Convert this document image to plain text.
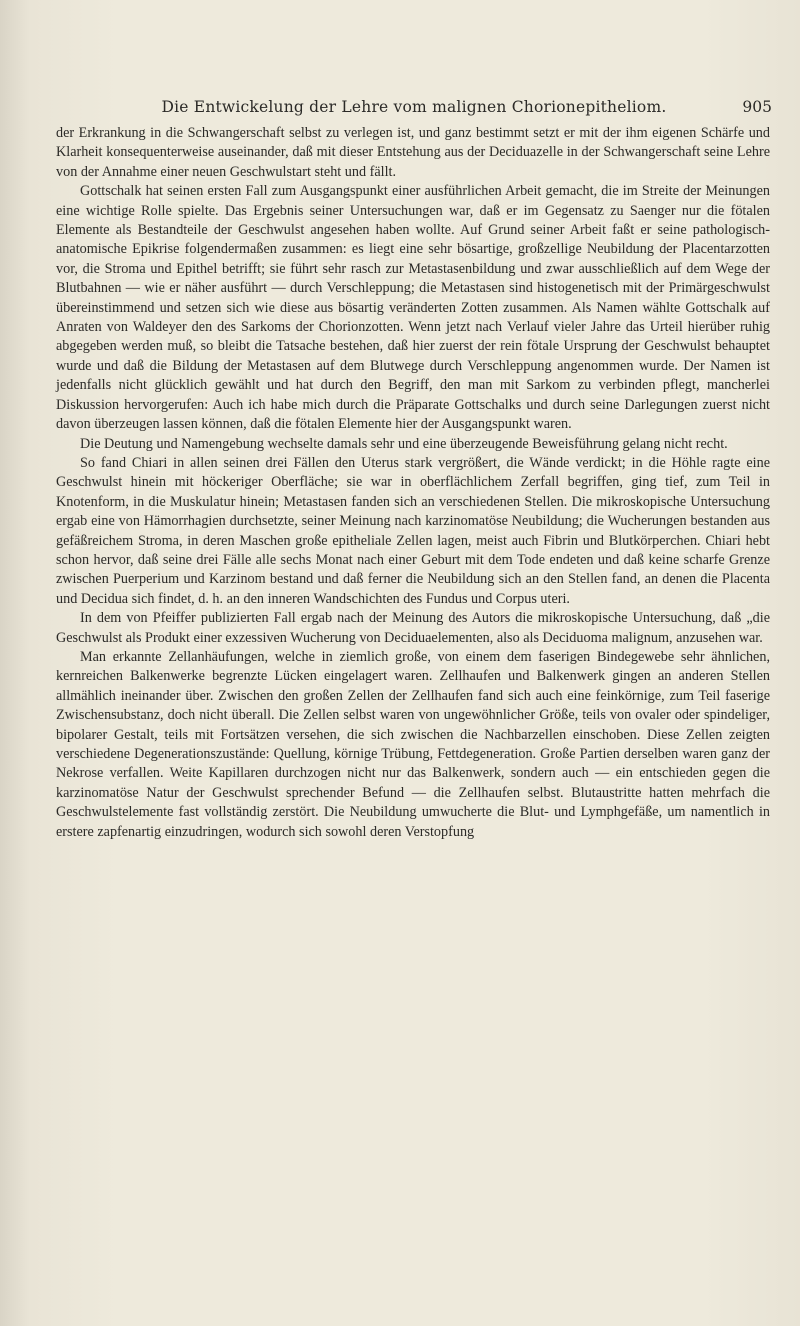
Die Entwickelung der Lehre vom malignen Chorionepitheliom.	905

der Erkrankung in die Schwangerschaft selbst zu verlegen ist, und ganz bestimmt setzt er mit der ihm eigenen Schärfe und Klarheit konsequenterweise auseinander, daß mit dieser Entstehung aus der Deciduazelle in der Schwangerschaft seine Lehre von der Annahme einer neuen Geschwulstart steht und fällt.

Gottschalk hat seinen ersten Fall zum Ausgangspunkt einer ausführlichen Arbeit gemacht, die im Streite der Meinungen eine wichtige Rolle spielte. Das Ergebnis seiner Untersuchungen war, daß er im Gegensatz zu Saenger nur die fötalen Elemente als Bestandteile der Geschwulst angesehen haben wollte. Auf Grund seiner Arbeit faßt er seine pathologisch-anatomische Epikrise folgendermaßen zusammen: es liegt eine sehr bösartige, großzellige Neubildung der Placentarzotten vor, die Stroma und Epithel betrifft; sie führt sehr rasch zur Metastasenbildung und zwar ausschließlich auf dem Wege der Blutbahnen — wie er näher ausführt — durch Verschleppung; die Metastasen sind histogenetisch mit der Primärgeschwulst übereinstimmend und setzen sich wie diese aus bösartig veränderten Zotten zusammen. Als Namen wählte Gottschalk auf Anraten von Waldeyer den des Sarkoms der Chorionzotten. Wenn jetzt nach Verlauf vieler Jahre das Urteil hierüber ruhig abgegeben werden muß, so bleibt die Tatsache bestehen, daß hier zuerst der rein fötale Ursprung der Geschwulst behauptet wurde und daß die Bildung der Metastasen auf dem Blutwege durch Verschleppung angenommen wurde. Der Namen ist jedenfalls nicht glücklich gewählt und hat durch den Begriff, den man mit Sarkom zu verbinden pflegt, mancherlei Diskussion hervorgerufen: Auch ich habe mich durch die Präparate Gottschalks und durch seine Darlegungen zuerst nicht davon überzeugen lassen können, daß die fötalen Elemente hier der Ausgangspunkt waren.

Die Deutung und Namengebung wechselte damals sehr und eine überzeugende Beweisführung gelang nicht recht.

So fand Chiari in allen seinen drei Fällen den Uterus stark vergrößert, die Wände verdickt; in die Höhle ragte eine Geschwulst hinein mit höckeriger Oberfläche; sie war in oberflächlichem Zerfall begriffen, ging tief, zum Teil in Knotenform, in die Muskulatur hinein; Metastasen fanden sich an verschiedenen Stellen. Die mikroskopische Untersuchung ergab eine von Hämorrhagien durchsetzte, seiner Meinung nach karzinomatöse Neubildung; die Wucherungen bestanden aus gefäßreichem Stroma, in deren Maschen große epitheliale Zellen lagen, meist auch Fibrin und Blutkörperchen. Chiari hebt schon hervor, daß seine drei Fälle alle sechs Monat nach einer Geburt mit dem Tode endeten und daß keine scharfe Grenze zwischen Puerperium und Karzinom bestand und daß ferner die Neubildung sich an den Stellen fand, an denen die Placenta und Decidua sich findet, d. h. an den inneren Wandschichten des Fundus und Corpus uteri.

In dem von Pfeiffer publizierten Fall ergab nach der Meinung des Autors die mikroskopische Untersuchung, daß „die Geschwulst als Produkt einer exzessiven Wucherung von Deciduaelementen, also als Deciduoma malignum, anzusehen war.

Man erkannte Zellanhäufungen, welche in ziemlich große, von einem dem faserigen Bindegewebe sehr ähnlichen, kernreichen Balkenwerke begrenzte Lücken eingelagert waren. Zellhaufen und Balkenwerk gingen an anderen Stellen allmählich ineinander über. Zwischen den großen Zellen der Zellhaufen fand sich auch eine feinkörnige, zum Teil faserige Zwischensubstanz, doch nicht überall. Die Zellen selbst waren von ungewöhnlicher Größe, teils von ovaler oder spindeliger, bipolarer Gestalt, teils mit Fortsätzen versehen, die sich zwischen die Nachbarzellen einschoben. Diese Zellen zeigten verschiedene Degenerationszustände: Quellung, körnige Trübung, Fettdegeneration. Große Partien derselben waren ganz der Nekrose verfallen. Weite Kapillaren durchzogen nicht nur das Balkenwerk, sondern auch — ein entschieden gegen die karzinomatöse Natur der Geschwulst sprechender Befund — die Zellhaufen selbst. Blutaustritte hatten mehrfach die Geschwulstelemente fast vollständig zerstört. Die Neubildung umwucherte die Blut- und Lymphgefäße, um namentlich in erstere zapfenartig einzudringen, wodurch sich sowohl deren Verstopfung
